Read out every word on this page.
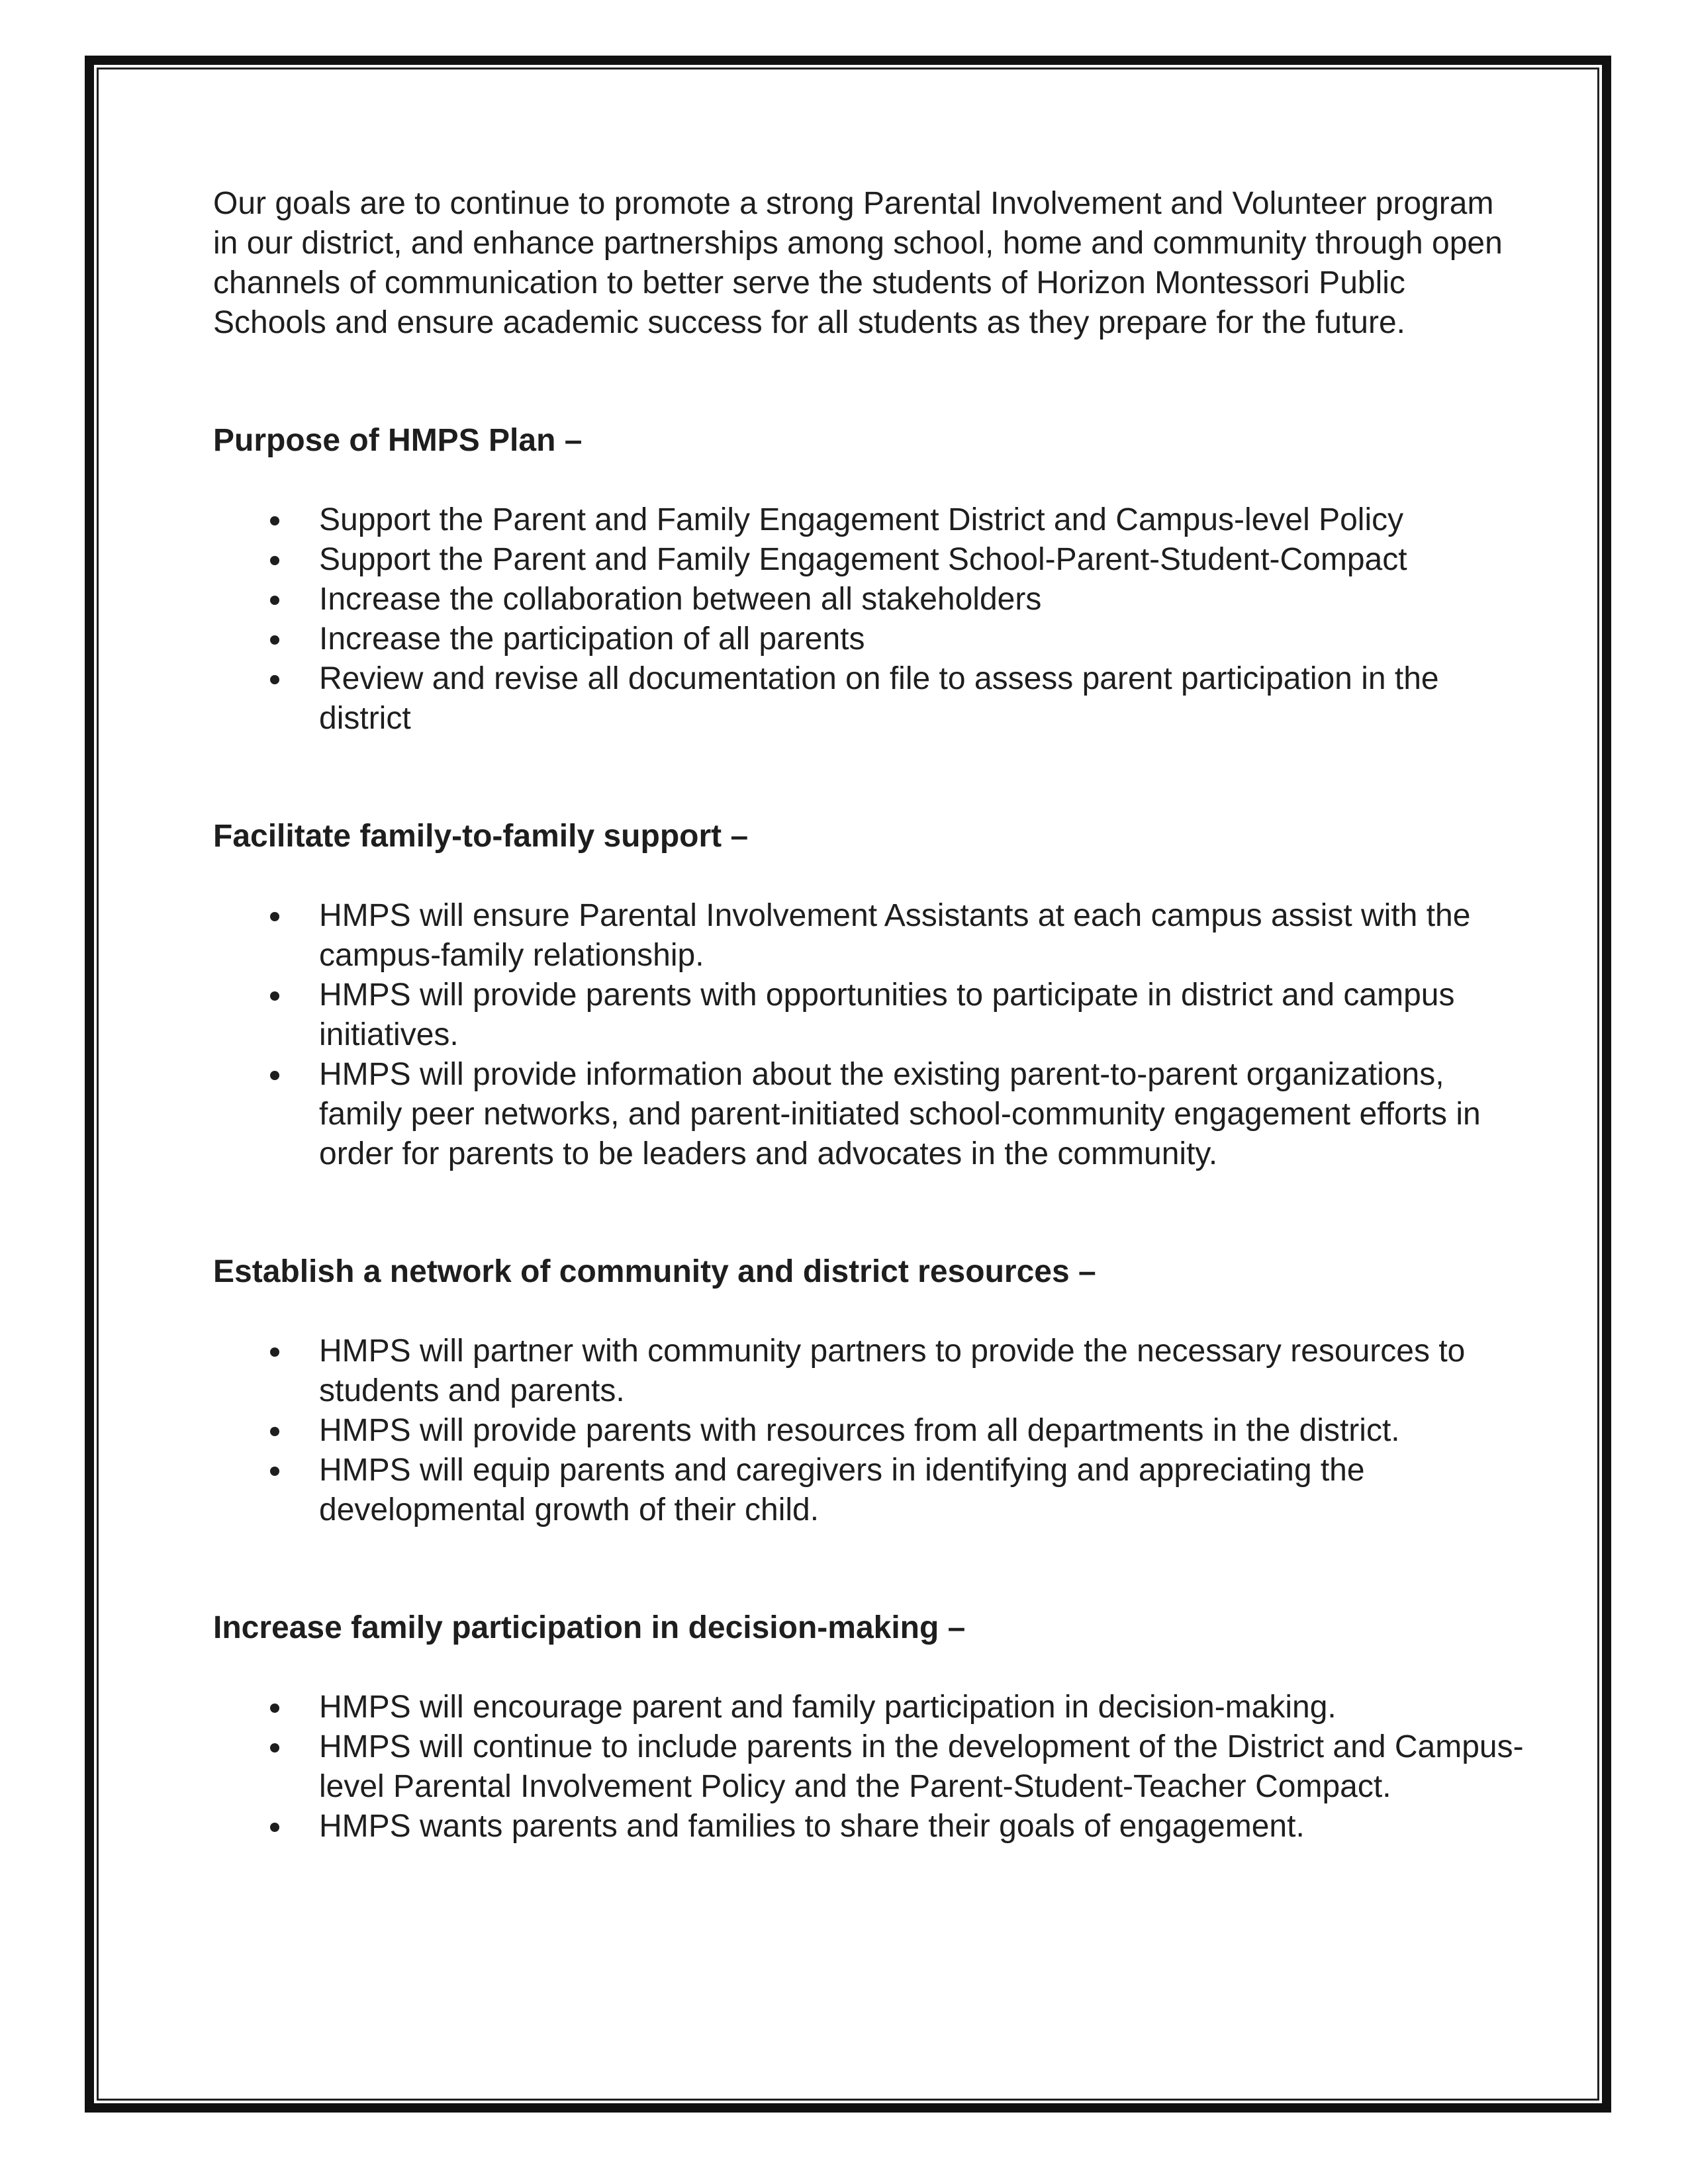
Our goals are to continue to promote a strong Parental Involvement and Volunteer program in our district, and enhance partnerships among school, home and community through open channels of communication to better serve the students of Horizon Montessori Public Schools and ensure academic success for all students as they prepare for the future.

Purpose of HMPS Plan –

Support the Parent and Family Engagement District and Campus-level Policy
Support the Parent and Family Engagement School-Parent-Student-Compact
Increase the collaboration between all stakeholders
Increase the participation of all parents
Review and revise all documentation on file to assess parent participation in the district

Facilitate family-to-family support –

HMPS will ensure Parental Involvement Assistants at each campus assist with the campus-family relationship.
HMPS will provide parents with opportunities to participate in district and campus initiatives.
HMPS will provide information about the existing parent-to-parent organizations, family peer networks, and parent-initiated school-community engagement efforts in order for parents to be leaders and advocates in the community.

Establish a network of community and district resources –

HMPS will partner with community partners to provide the necessary resources to students and parents.
HMPS will provide parents with resources from all departments in the district.
HMPS will equip parents and caregivers in identifying and appreciating the developmental growth of their child.

Increase family participation in decision-making –

HMPS will encourage parent and family participation in decision-making.
HMPS will continue to include parents in the development of the District and Campus-level Parental Involvement Policy and the Parent-Student-Teacher Compact.
HMPS wants parents and families to share their goals of engagement.
